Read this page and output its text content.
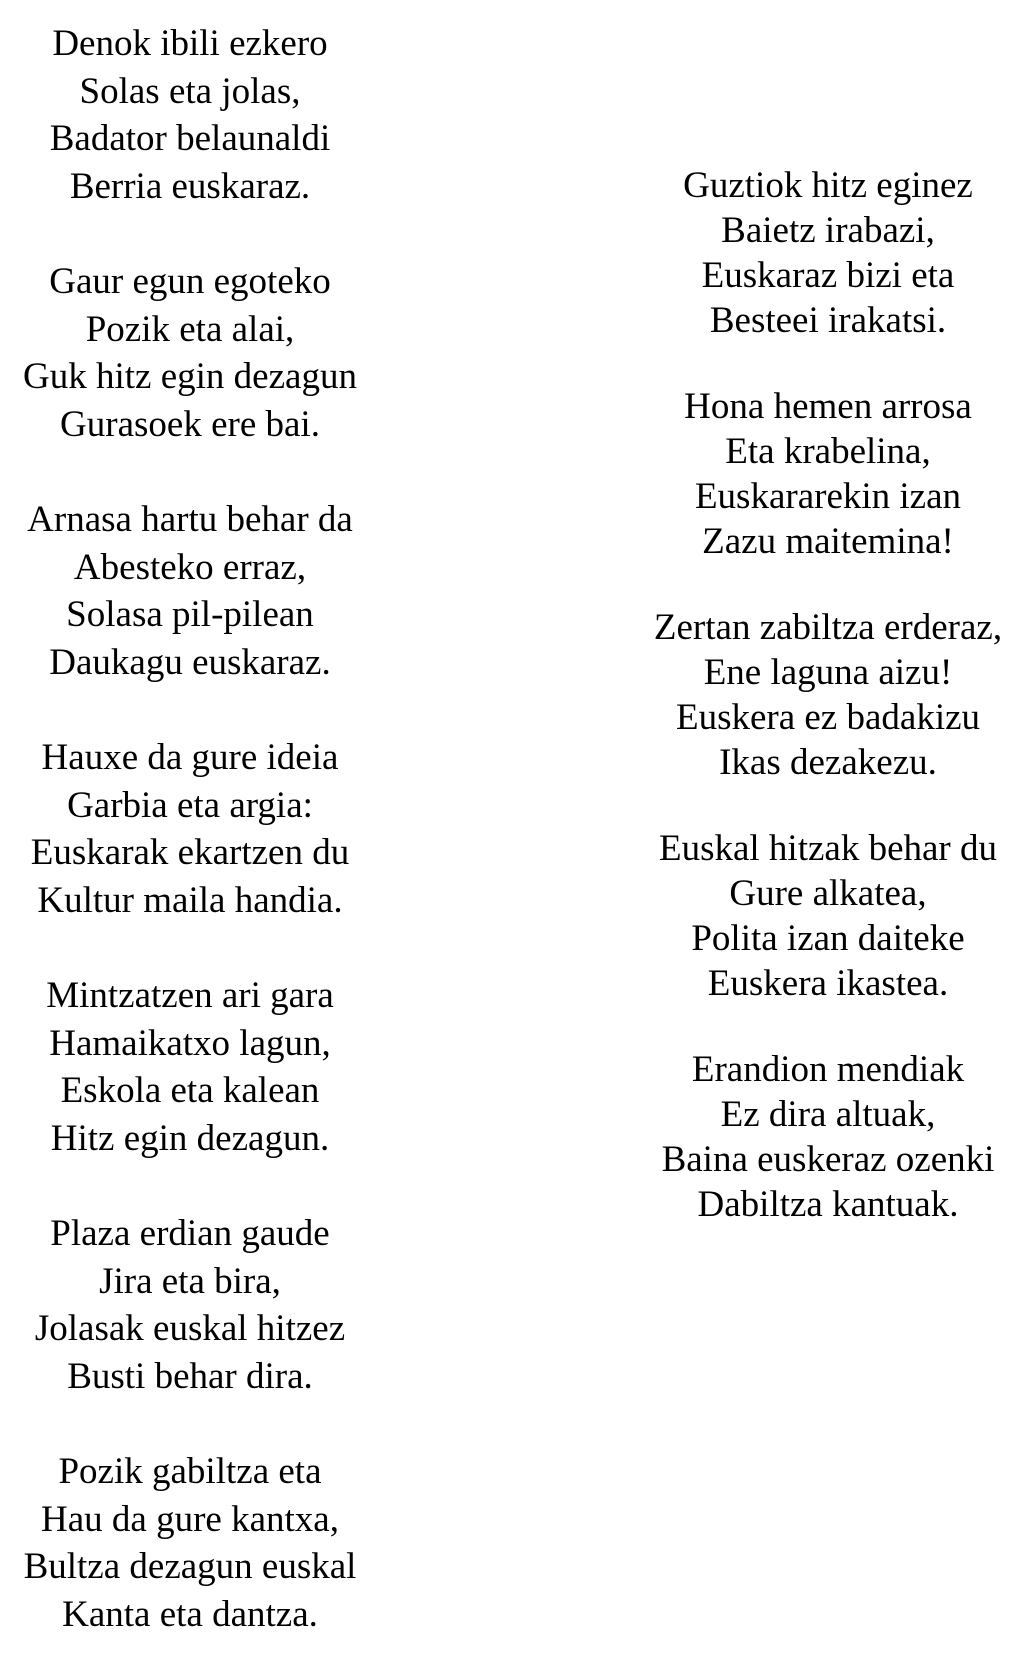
Denok ibili ezkero
Solas eta jolas,
Badator belaunaldi
Berria euskaraz.
Gaur egun egoteko
Pozik eta alai,
Guk hitz egin dezagun
Gurasoek ere bai.
Arnasa hartu behar da
Abesteko erraz,
Solasa pil-pilean
Daukagu euskaraz.
Hauxe da gure ideia
Garbia eta argia:
Euskarak ekartzen du
Kultur maila handia.
Mintzatzen ari gara
Hamaikatxo lagun,
Eskola eta kalean
Hitz egin dezagun.
Plaza erdian gaude
Jira eta bira,
Jolasak euskal hitzez
Busti behar dira.
Pozik gabiltza eta
Hau da gure kantxa,
Bultza dezagun euskal
Kanta eta dantza.
Guztiok hitz eginez
Baietz irabazi,
Euskaraz bizi eta
Besteei irakatsi.
Hona hemen arrosa
Eta krabelina,
Euskararekin izan
Zazu maitemina!
Zertan zabiltza erderaz,
Ene laguna aizu!
Euskera ez badakizu
Ikas dezakezu.
Euskal hitzak behar du
Gure alkatea,
Polita izan daiteke
Euskera ikastea.
Erandion mendiak
Ez dira altuak,
Baina euskeraz ozenki
Dabiltza kantuak.
